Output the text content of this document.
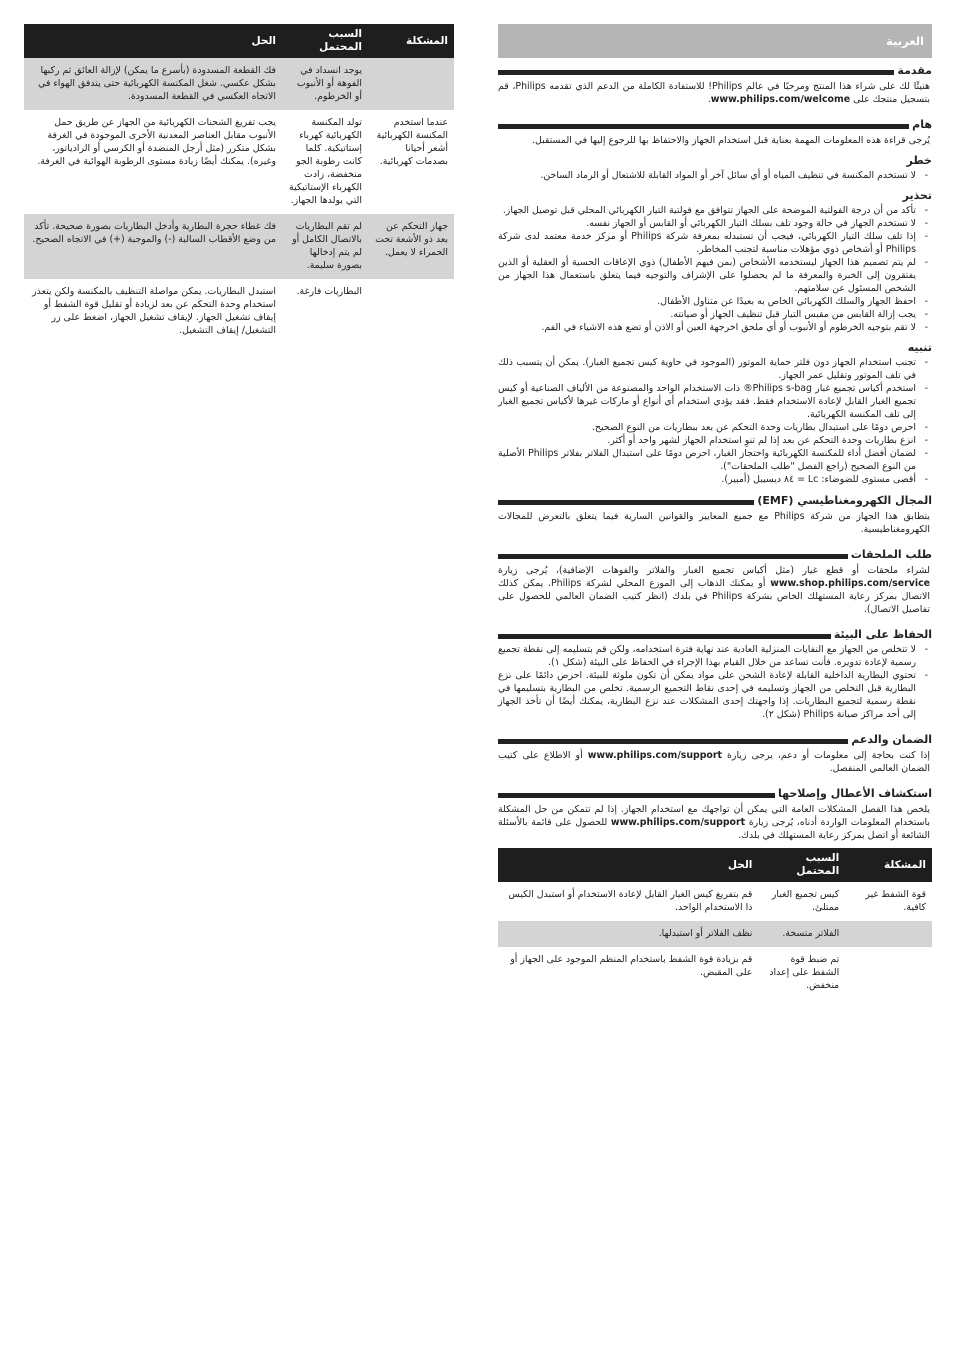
العربية
مقدمة

هنيئًا لك على شراء هذا المنتج ومرحبًا في عالم Philips! للاستفادة الكاملة من الدعم الذي تقدمه Philips، قم بتسجيل منتجك على www.philips.com/welcome.

هام

يُرجى قراءة هذه المعلومات المهمة بعناية قبل استخدام الجهاز والاحتفاظ بها للرجوع إليها في المستقبل.

خطر
- لا تستخدم المكنسة في تنظيف المياه أو أي سائل آخر أو المواد القابلة للاشتعال أو الرماد الساخن.
تحذير
- تأكد من أن درجة الفولتية الموضحة على الجهاز تتوافق مع فولتية التيار الكهربائي المحلي قبل توصيل الجهاز.
- لا تستخدم الجهاز في حالة وجود تلف بسلك التيار الكهربائي أو القابس أو الجهاز نفسه.
- إذا تلف سلك التيار الكهربائي، فيجب أن تستبدله بمعرفة شركة Philips أو مركز خدمة معتمد لدى شركة Philips أو أشخاص ذوي مؤهلات مناسبة لتجنب المخاطر.
- لم يتم تصميم هذا الجهاز ليستخدمه الأشخاص (بمن فيهم الأطفال) ذوي الإعاقات الحسية أو العقلية أو الذين يفتقرون إلى الخبرة والمعرفة ما لم يحصلوا على الإشراف والتوجيه فيما يتعلق باستعمال هذا الجهاز من الشخص المسئول عن سلامتهم.
- احفظ الجهاز والسلك الكهربائي الخاص به بعيدًا عن متناول الأطفال.
- يجب إزالة القابس من مقبس التيار قبل تنظيف الجهاز أو صيانته.
- لا تقم بتوجيه الخرطوم أو الأنبوب أو أي ملحق اخرجهة العين أو الاذن أو تضع هذه الاشياء في الفم.
تنبيه
- تجنب استخدام الجهاز دون فلتر حماية الموتور (الموجود في حاوية كيس تجميع الغبار). يمكن أن يتسبب ذلك في تلف الموتور وتقليل عمر الجهاز.
- استخدم أكياس تجميع غبار Philips s-bag® ذات الاستخدام الواحد والمصنوعة من الألياف الصناعية أو كيس تجميع الغبار القابل لإعادة الاستخدام فقط. فقد يؤدي استخدام أي أنواع أو ماركات غيرها لأكياس تجميع الغبار إلى تلف المكنسة الكهربائية.
- احرص دومًا على استبدال بطاريات وحدة التحكم عن بعد ببطاريات من النوع الصحيح.
- انزع بطاريات وحدة التحكم عن بعد إذا لم تنوِ استخدام الجهاز لشهر واحد أو أكثر.
- لضمان أفضل أداء للمكنسة الكهربائية واحتجاز الغبار، احرص دومًا على استبدال الفلاتر بفلاتر Philips الأصلية من النوع الصحيح (راجع الفصل "طلب الملحقات").
- أقصى مستوى للضوضاء: Lc = ٨٤ ديسيبل (أمبير).
المجال الكهرومغناطيسي (EMF)

يتطابق هذا الجهاز من شركة Philips مع جميع المعايير والقوانين السارية فيما يتعلق بالتعرض للمجالات الكهرومغناطيسية.

طلب الملحقات

لشراء ملحقات أو قطع غيار (مثل أكياس تجميع الغبار والفلاتر والفوهات الإضافية)، يُرجى زيارة www.shop.philips.com/service أو يمكنك الذهاب إلى الموزع المحلي لشركة Philips. يمكن كذلك الاتصال بمركز رعاية المستهلك الخاص بشركة Philips في بلدك (انظر كتيب الضمان العالمي للحصول على تفاصيل الاتصال).

الحفاظ على البيئة
- لا تتخلص من الجهاز مع النفايات المنزلية العادية عند نهاية فترة استخدامه، ولكن قم بتسليمه إلى نقطة تجميع رسمية لإعادة تدويره. فأنت تساعد من خلال القيام بهذا الإجراء في الحفاظ على البيئة (شكل ١).
- تحتوي البطارية الداخلية القابلة لإعادة الشحن على مواد يمكن أن تكون ملوثة للبيئة. احرص دائمًا على نزع البطارية قبل التخلص من الجهاز وتسليمه في إحدى نقاط التجميع الرسمية. تخلص من البطارية بتسليمها في نقطة رسمية لتجميع البطاريات. إذا واجهتك إحدى المشكلات عند نزع البطارية، يمكنك أيضًا أن تأخذ الجهاز إلى أحد مراكز صيانة Philips (شكل ٢).
الضمان والدعم

إذا كنت بحاجة إلى معلومات أو دعم، يرجى زيارة www.philips.com/support أو الاطلاع على كتيب الضمان العالمي المنفصل.

استكشاف الأعطال وإصلاحها

يلخص هذا الفصل المشكلات العامة التي يمكن أن تواجهك مع استخدام الجهاز. إذا لم تتمكن من حل المشكلة باستخدام المعلومات الواردة أدناه، يُرجى زيارة www.philips.com/support للحصول على قائمة بالأسئلة الشائعة أو اتصل بمركز رعاية المستهلك في بلدك.

المشكلة	السبب المحتمل	الحل
قوة الشفط غير كافية.	كيس تجميع الغبار ممتلئ.	قم بتفريغ كيس الغبار القابل لإعادة الاستخدام أو استبدل الكيس ذا الاستخدام الواحد.
	الفلاتر متسخة.	نظف الفلاتر أو استبدلها.
	تم ضبط قوة الشفط على إعداد منخفض.	قم بزيادة قوة الشفط باستخدام المنظم الموجود على الجهاز أو على المقبض.
المشكلة	السبب المحتمل	الحل
	يوجد انسداد في الفوهة أو الأنبوب أو الخرطوم.	فك القطعة المسدودة (بأسرع ما يمكن) لإزالة العائق ثم ركبها بشكل عكسي. شغل المكنسة الكهربائية حتى يتدفق الهواء في الاتجاه العكسي في القطعة المسدودة.
عندما استخدم المكنسة الكهربائية أشعر أحيانا بصدمات كهربائية.	تولد المكنسة الكهربائية كهرباء إستاتيكية. كلما كانت رطوبة الجو منخفضة، زادت الكهرباء الإستاتيكية التي يولدها الجهاز.	يجب تفريغ الشحنات الكهربائية من الجهاز عن طريق حمل الأنبوب مقابل العناصر المعدنية الأخرى الموجودة في الغرفة بشكل متكرر (مثل أرجل المنضدة أو الكرسي أو الرادياتور، وغيره). يمكنك أيضًا زيادة مستوى الرطوبة الهوائية في الغرفة.
جهاز التحكم عن بعد ذو الأشعة تحت الحمراء لا يعمل.	لم تقم البطاريات بالاتصال الكامل أو لم يتم إدخالها بصورة سليمة.	فك غطاء حجرة البطارية وأدخل البطاريات بصورة صحيحة. تأكد من وضع الأقطاب السالبة (-) والموجبة (+) في الاتجاه الصحيح.
	البطاريات فارغة.	استبدل البطاريات. يمكن مواصلة التنظيف بالمكنسة ولكن يتعذر استخدام وحدة التحكم عن بعد لزيادة أو تقليل قوة الشفط أو إيقاف تشغيل الجهاز. لإيقاف تشغيل الجهاز، اضغط على زر التشغيل/ إيقاف التشغيل.
